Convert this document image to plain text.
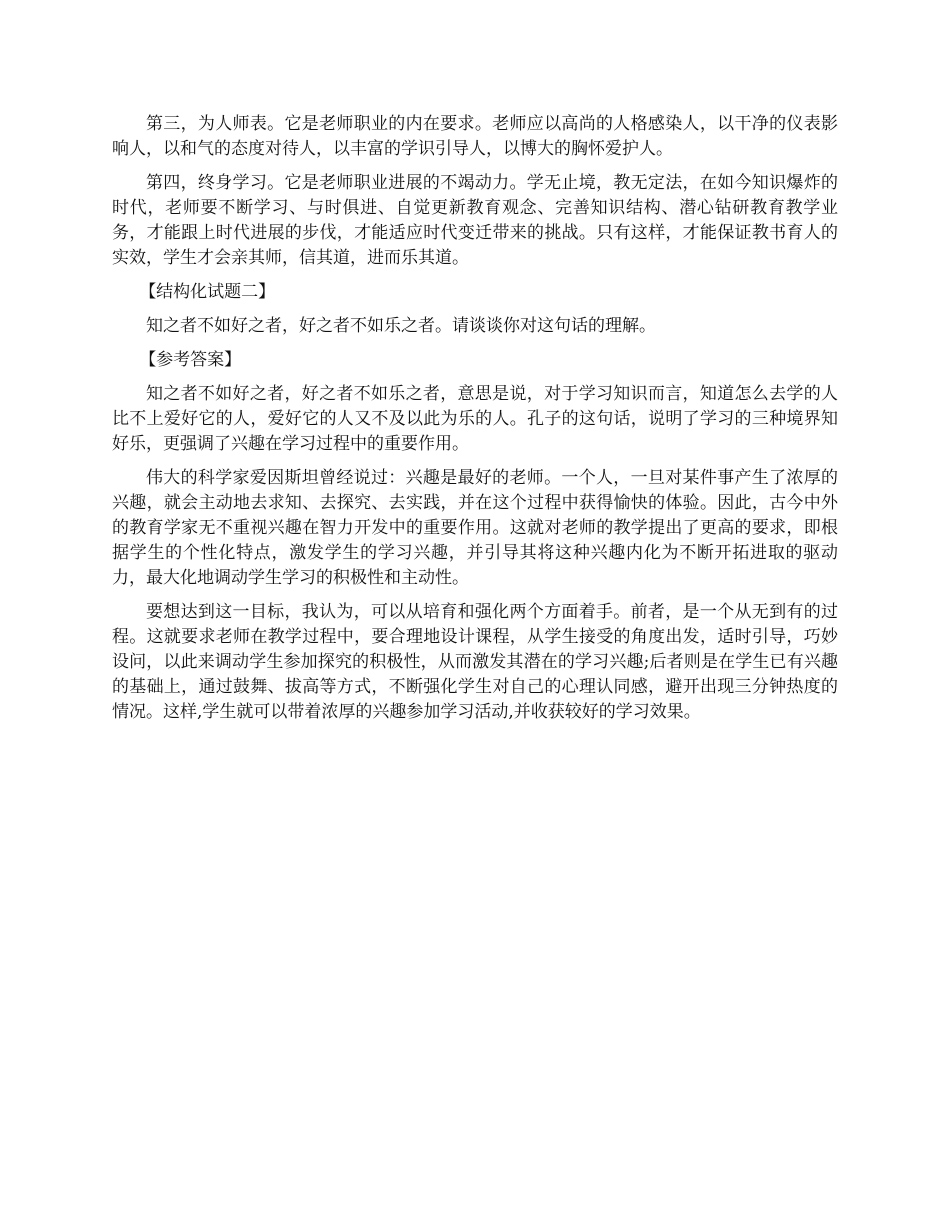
第三，为人师表。它是老师职业的内在要求。老师应以高尚的人格感染人，以干净的仪表影响人，以和气的态度对待人，以丰富的学识引导人，以博大的胸怀爱护人。

第四，终身学习。它是老师职业进展的不竭动力。学无止境，教无定法，在如今知识爆炸的时代，老师要不断学习、与时俱进、自觉更新教育观念、完善知识结构、潜心钻研教育教学业务，才能跟上时代进展的步伐，才能适应时代变迁带来的挑战。只有这样，才能保证教书育人的实效，学生才会亲其师，信其道，进而乐其道。

【结构化试题二】

知之者不如好之者，好之者不如乐之者。请谈谈你对这句话的理解。

【参考答案】

知之者不如好之者，好之者不如乐之者，意思是说，对于学习知识而言，知道怎么去学的人比不上爱好它的人，爱好它的人又不及以此为乐的人。孔子的这句话，说明了学习的三种境界知好乐，更强调了兴趣在学习过程中的重要作用。

伟大的科学家爱因斯坦曾经说过：兴趣是最好的老师。一个人，一旦对某件事产生了浓厚的兴趣，就会主动地去求知、去探究、去实践，并在这个过程中获得愉快的体验。因此，古今中外的教育学家无不重视兴趣在智力开发中的重要作用。这就对老师的教学提出了更高的要求，即根据学生的个性化特点，激发学生的学习兴趣，并引导其将这种兴趣内化为不断开拓进取的驱动力，最大化地调动学生学习的积极性和主动性。

要想达到这一目标，我认为，可以从培育和强化两个方面着手。前者，是一个从无到有的过程。这就要求老师在教学过程中，要合理地设计课程，从学生接受的角度出发，适时引导，巧妙设问，以此来调动学生参加探究的积极性，从而激发其潜在的学习兴趣;后者则是在学生已有兴趣的基础上，通过鼓舞、拔高等方式，不断强化学生对自己的心理认同感，避开出现三分钟热度的情况。这样,学生就可以带着浓厚的兴趣参加学习活动,并收获较好的学习效果。
